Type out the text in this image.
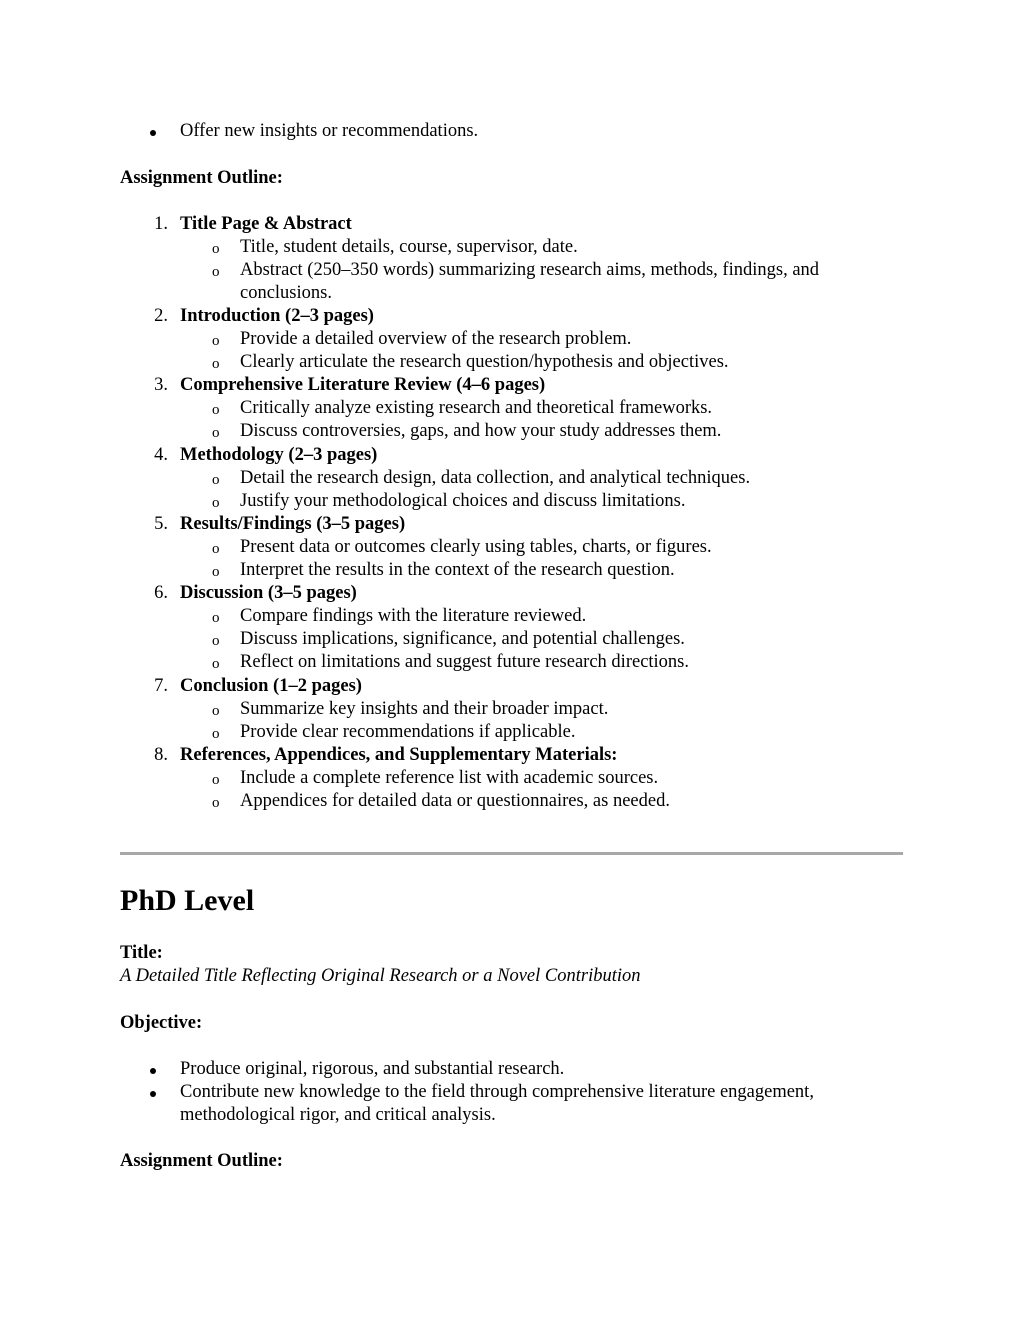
Offer new insights or recommendations.
Assignment Outline:
1. Title Page & Abstract
o Title, student details, course, supervisor, date.
o Abstract (250–350 words) summarizing research aims, methods, findings, and
conclusions.
2. Introduction (2–3 pages)
o Provide a detailed overview of the research problem.
o Clearly articulate the research question/hypothesis and objectives.
3. Comprehensive Literature Review (4–6 pages)
o Critically analyze existing research and theoretical frameworks.
o Discuss controversies, gaps, and how your study addresses them.
4. Methodology (2–3 pages)
o Detail the research design, data collection, and analytical techniques.
o Justify your methodological choices and discuss limitations.
5. Results/Findings (3–5 pages)
o Present data or outcomes clearly using tables, charts, or figures.
o Interpret the results in the context of the research question.
6. Discussion (3–5 pages)
o Compare findings with the literature reviewed.
o Discuss implications, significance, and potential challenges.
o Reflect on limitations and suggest future research directions.
7. Conclusion (1–2 pages)
o Summarize key insights and their broader impact.
o Provide clear recommendations if applicable.
8. References, Appendices, and Supplementary Materials:
o Include a complete reference list with academic sources.
o Appendices for detailed data or questionnaires, as needed.
PhD Level
Title:
A Detailed Title Reflecting Original Research or a Novel Contribution
Objective:
Produce original, rigorous, and substantial research.
Contribute new knowledge to the field through comprehensive literature engagement,
methodological rigor, and critical analysis.
Assignment Outline:
